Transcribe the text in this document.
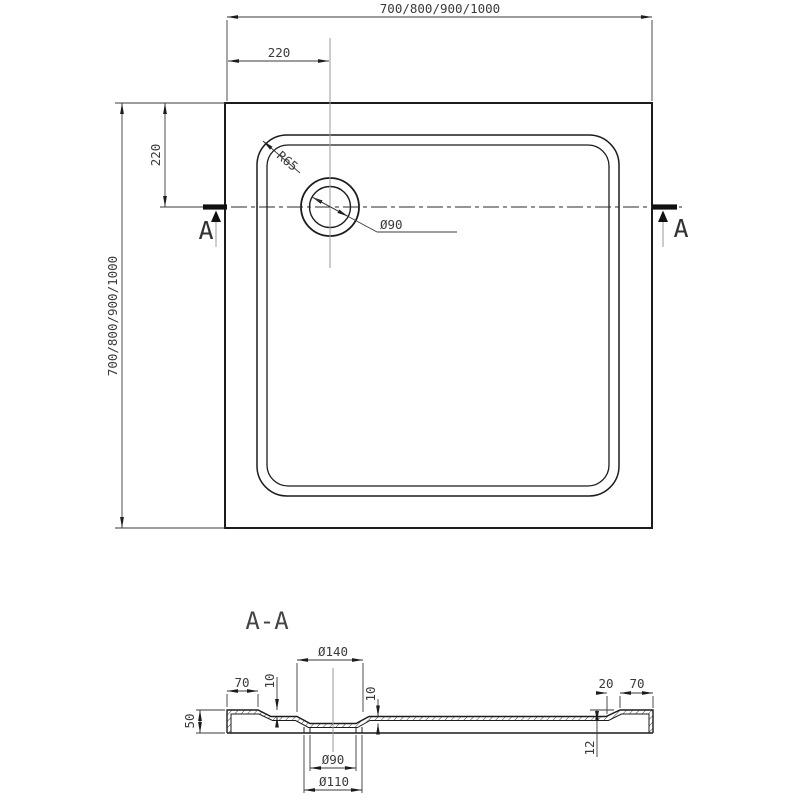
A	A
700/800/900/1000
220
220
700/800/900/1000
R65
Ø90
A-A
Ø140
70 10
10
20 70
50
12
Ø90
Ø110
